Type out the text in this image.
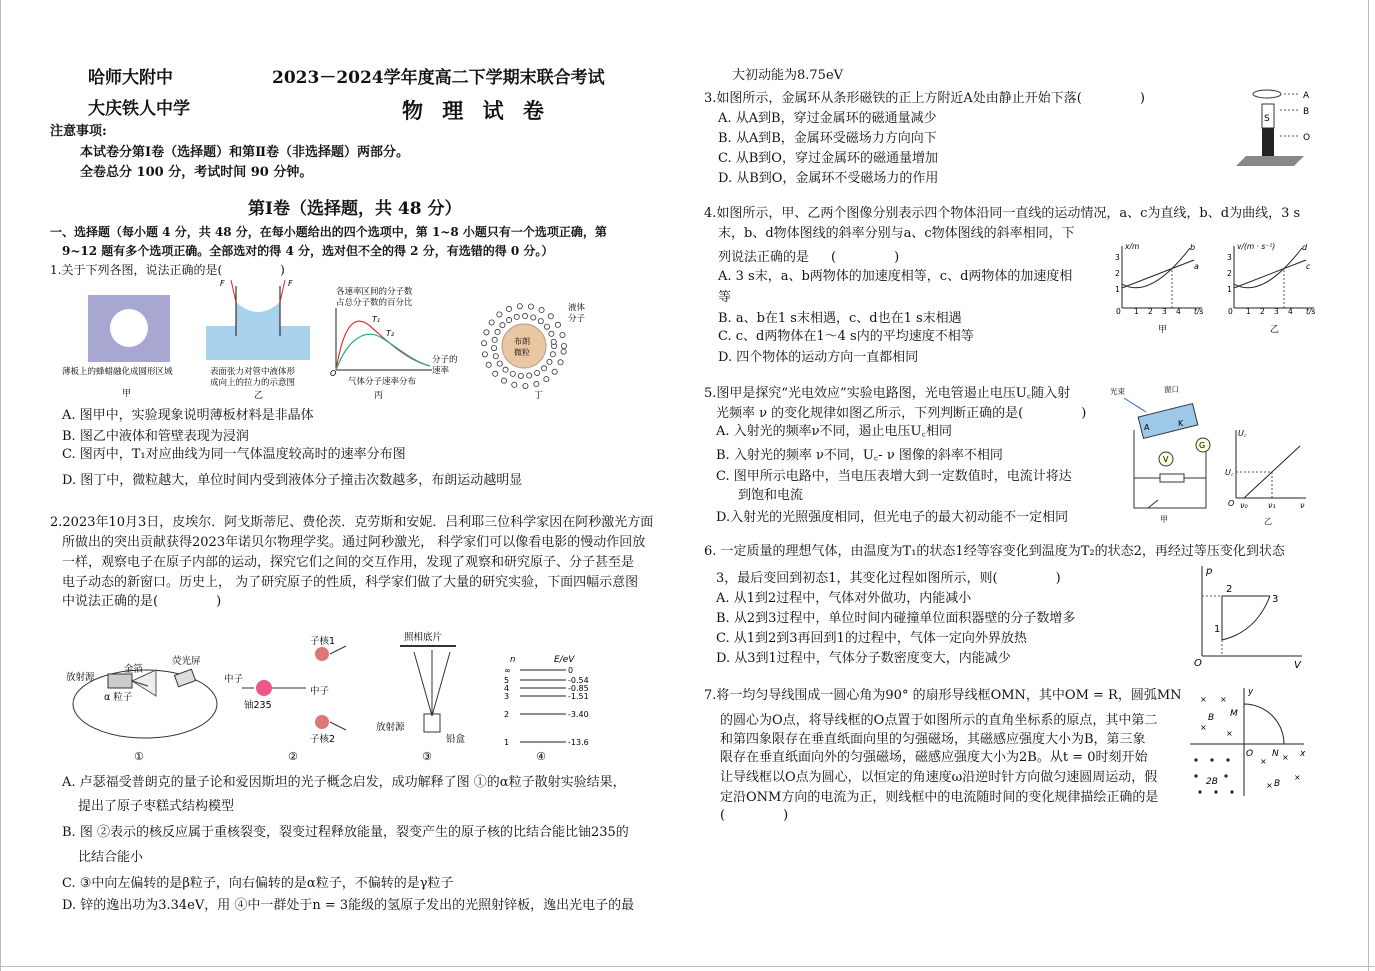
哈师大附中	2023－2024学年度高二下学期末联合考试
大庆铁人中学	物 理 试 卷
注意事项:
本试卷分第Ⅰ卷（选择题）和第Ⅱ卷（非选择题）两部分。
全卷总分 100 分，考试时间 90 分钟。
第Ⅰ卷（选择题，共 48 分）
一、选择题（每小题 4 分，共 48 分，在每小题给出的四个选项中，第 1~8 小题只有一个选项正确，第
9~12 题有多个选项正确。全部选对的得 4 分，选对但不全的得 2 分，有选错的得 0 分。）
1.关于下列各图，说法正确的是(	)
薄板上的蜂蜡融化成圆形区域
甲
F	F
表面张力对管中液体形
成向上的拉力的示意图
乙
各速率区间的分子数
占总分子数的百分比
T₁
T₂
O
分子的
速率
气体分子速率分布
丙
布朗
微粒
液体
分子
丁
A. 图甲中，实验现象说明薄板材料是非晶体
B. 图乙中液体和管壁表现为浸润
C. 图丙中，T₁对应曲线为同一气体温度较高时的速率分布图
D. 图丁中，微粒越大，单位时间内受到液体分子撞击次数越多，布朗运动越明显
2.2023年10月3日，皮埃尔．阿戈斯蒂尼、费伦茨．克劳斯和安妮．吕利耶三位科学家因在阿秒激光方面
所做出的突出贡献获得2023年诺贝尔物理学奖。通过阿秒激光， 科学家们可以像看电影的慢动作回放
一样，观察电子在原子内部的运动，探究它们之间的交互作用，发现了观察和研究原子、分子甚至是
电子动态的新窗口。历史上， 为了研究原子的性质，科学家们做了大量的研究实验，下面四幅示意图
中说法正确的是(	)
放射源
金箔
荧光屏
α 粒子
①
中子
铀235
子核1
中子
子核2
②
照相底片
放射源
铅盒
③
n	E/eV
∞	0
5	-0.54
4	-0.85
3	-1.51
2	-3.40
1	-13.6
④
A. 卢瑟福受普朗克的量子论和爱因斯坦的光子概念启发，成功解释了图 ①的α粒子散射实验结果，
提出了原子枣糕式结构模型
B. 图 ②表示的核反应属于重核裂变，裂变过程释放能量，裂变产生的原子核的比结合能比铀235的
比结合能小
C. ③中向左偏转的是β粒子，向右偏转的是α粒子，不偏转的是γ粒子
D. 锌的逸出功为3.34eV，用 ④中一群处于n = 3能级的氢原子发出的光照射锌板，逸出光电子的最
大初动能为8.75eV
3.如图所示，金属环从条形磁铁的正上方附近A处由静止开始下落(	)
A. 从A到B，穿过金属环的磁通量减少
B. 从A到B，金属环受磁场力方向向下
C. 从B到O，穿过金属环的磁通量增加
D. 从B到O，金属环不受磁场力的作用
S
A
B
O
4.如图所示，甲、乙两个图像分别表示四个物体沿同一直线的运动情况，a、c为直线，b、d为曲线，3 s
末，b、d物体图线的斜率分别与a、c物体图线的斜率相同，下
列说法正确的是 (	)
A. 3 s末，a、b两物体的加速度相等，c、d两物体的加速度相
等
B. a、b在1 s末相遇，c、d也在1 s末相遇
C. c、d两物体在1～4 s内的平均速度不相等
D. 四个物体的运动方向一直都相同
x/m
a
b
0 1 2 3 4 t/s
3
2
1
甲
v/(m · s⁻¹)
c
d
0 1 2 3 4 t/s
3
2
1
乙
5.图甲是探究“光电效应”实验电路图，光电管遏止电压U꜀随入射
光频率 ν 的变化规律如图乙所示，下列判断正确的是(	)
A. 入射光的频率ν不同，遏止电压U꜀相同
B. 入射光的频率 ν不同，U꜀- ν 图像的斜率不相同
C. 图甲所示电路中，当电压表增大到一定数值时，电流计将达
到饱和电流
D.入射光的光照强度相同，但光电子的最大初动能不一定相同
光束	窗口
A	K
V
G
甲
U꜀
U꜀
O ν₀	ν₁	ν
乙
6. 一定质量的理想气体，由温度为T₁的状态1经等容变化到温度为T₂的状态2，再经过等压变化到状态
3，最后变回到初态1，其变化过程如图所示，则(	)
A. 从1到2过程中，气体对外做功，内能减小
B. 从2到3过程中，单位时间内碰撞单位面积器壁的分子数增多
C. 从1到2到3再回到1的过程中，气体一定向外界放热
D. 从3到1过程中，气体分子数密度变大，内能减少
p
V
O
1
2
3
7.将一均匀导线围成一圆心角为90° 的扇形导线框OMN，其中OM = R，圆弧MN
的圆心为O点，将导线框的O点置于如图所示的直角坐标系的原点，其中第二
和第四象限存在垂直纸面向里的匀强磁场，其磁感应强度大小为B，第三象
限存在垂直纸面向外的匀强磁场，磁感应强度大小为2B。从t = 0时刻开始
让导线框以O点为圆心，以恒定的角速度ω沿逆时针方向做匀速圆周运动，假
定沿ONM方向的电流为正，则线框中的电流随时间的变化规律描绘正确的是
(	)
× ×
×
×
× ×
×
×
y
x
B M
O N
2B	B
